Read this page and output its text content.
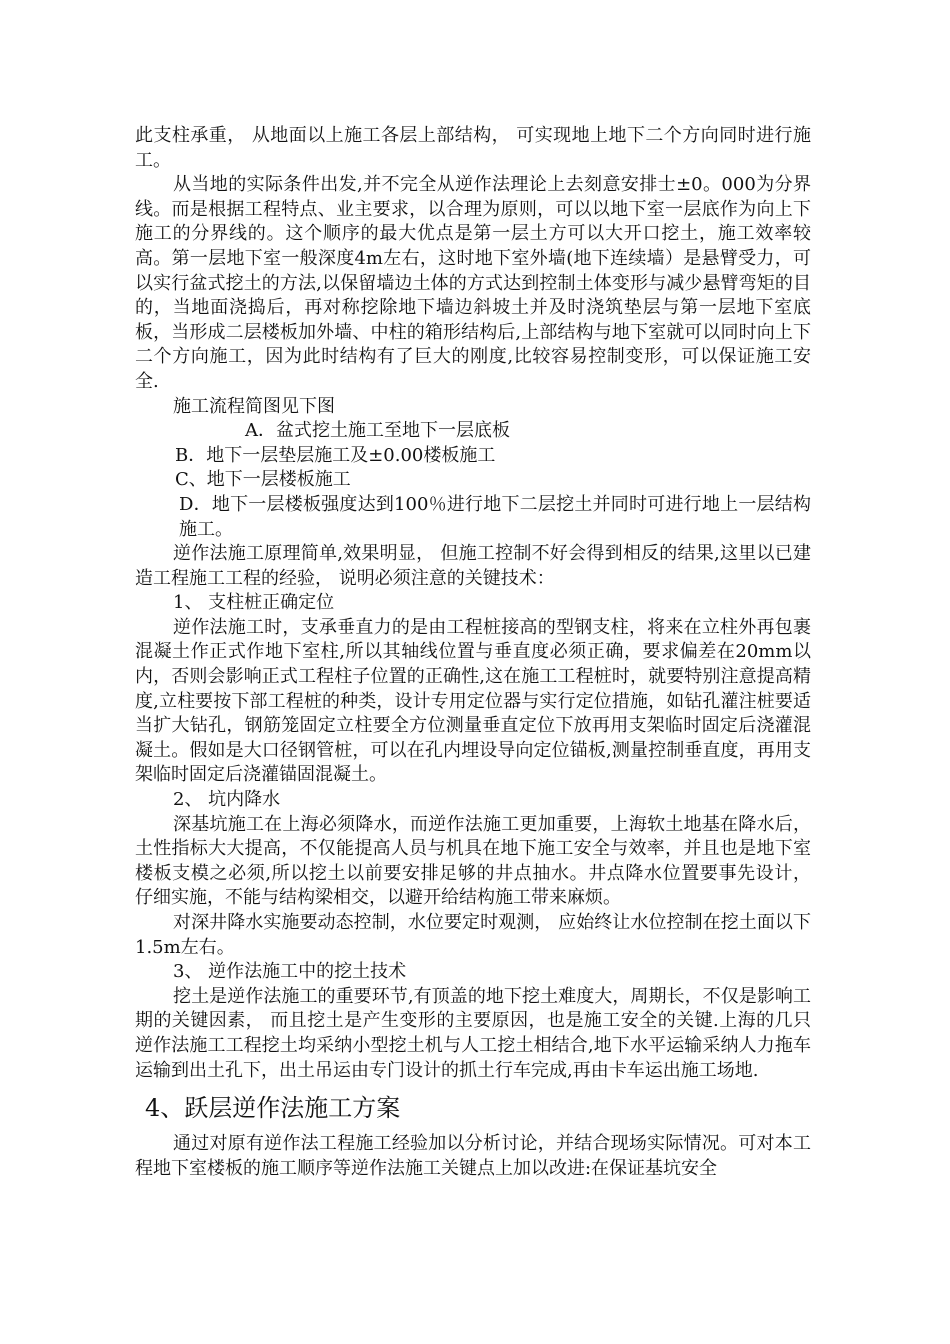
此支柱承重， 从地面以上施工各层上部结构， 可实现地上地下二个方向同时进行施工。

从当地的实际条件出发,并不完全从逆作法理论上去刻意安排士±0。000为分界线。而是根据工程特点、业主要求，以合理为原则，可以以地下室一层底作为向上下施工的分界线的。这个顺序的最大优点是第一层土方可以大开口挖土，施工效率较高。第一层地下室一般深度4m左右，这时地下室外墙(地下连续墙）是悬臂受力，可以实行盆式挖土的方法,以保留墙边土体的方式达到控制土体变形与减少悬臂弯矩的目的，当地面浇捣后，再对称挖除地下墙边斜坡土并及时浇筑垫层与第一层地下室底板，当形成二层楼板加外墙、中柱的箱形结构后,上部结构与地下室就可以同时向上下二个方向施工，因为此时结构有了巨大的刚度,比较容易控制变形，可以保证施工安全.

施工流程简图见下图

A．盆式挖土施工至地下一层底板

B．地下一层垫层施工及±0.00楼板施工

C、地下一层楼板施工

D．地下一层楼板强度达到100％进行地下二层挖土并同时可进行地上一层结构施工。

逆作法施工原理简单,效果明显， 但施工控制不好会得到相反的结果,这里以已建造工程施工工程的经验， 说明必须注意的关键技术：

1、 支柱桩正确定位

逆作法施工时，支承垂直力的是由工程桩接高的型钢支柱，将来在立柱外再包裹混凝土作正式作地下室柱,所以其轴线位置与垂直度必须正确，要求偏差在20mm以内，否则会影响正式工程柱子位置的正确性,这在施工工程桩时，就要特别注意提高精度,立柱要按下部工程桩的种类，设计专用定位器与实行定位措施，如钻孔灌注桩要适当扩大钻孔，钢筋笼固定立柱要全方位测量垂直定位下放再用支架临时固定后浇灌混凝土。假如是大口径钢管桩，可以在孔内埋设导向定位锚板,测量控制垂直度，再用支架临时固定后浇灌锚固混凝土。

2、 坑内降水

深基坑施工在上海必须降水，而逆作法施工更加重要，上海软土地基在降水后，土性指标大大提高，不仅能提高人员与机具在地下施工安全与效率，并且也是地下室楼板支模之必须,所以挖土以前要安排足够的井点抽水。井点降水位置要事先设计， 仔细实施，不能与结构梁相交，以避开给结构施工带来麻烦。

对深井降水实施要动态控制，水位要定时观测， 应始终让水位控制在挖土面以下1.5m左右。

3、 逆作法施工中的挖土技术

挖土是逆作法施工的重要环节,有顶盖的地下挖土难度大，周期长，不仅是影响工期的关键因素， 而且挖土是产生变形的主要原因，也是施工安全的关键.上海的几只逆作法施工工程挖土均采纳小型挖土机与人工挖土相结合,地下水平运输采纳人力拖车运输到出土孔下，出土吊运由专门设计的抓土行车完成,再由卡车运出施工场地.

4、跃层逆作法施工方案

通过对原有逆作法工程施工经验加以分析讨论，并结合现场实际情况。可对本工程地下室楼板的施工顺序等逆作法施工关键点上加以改进:在保证基坑安全
